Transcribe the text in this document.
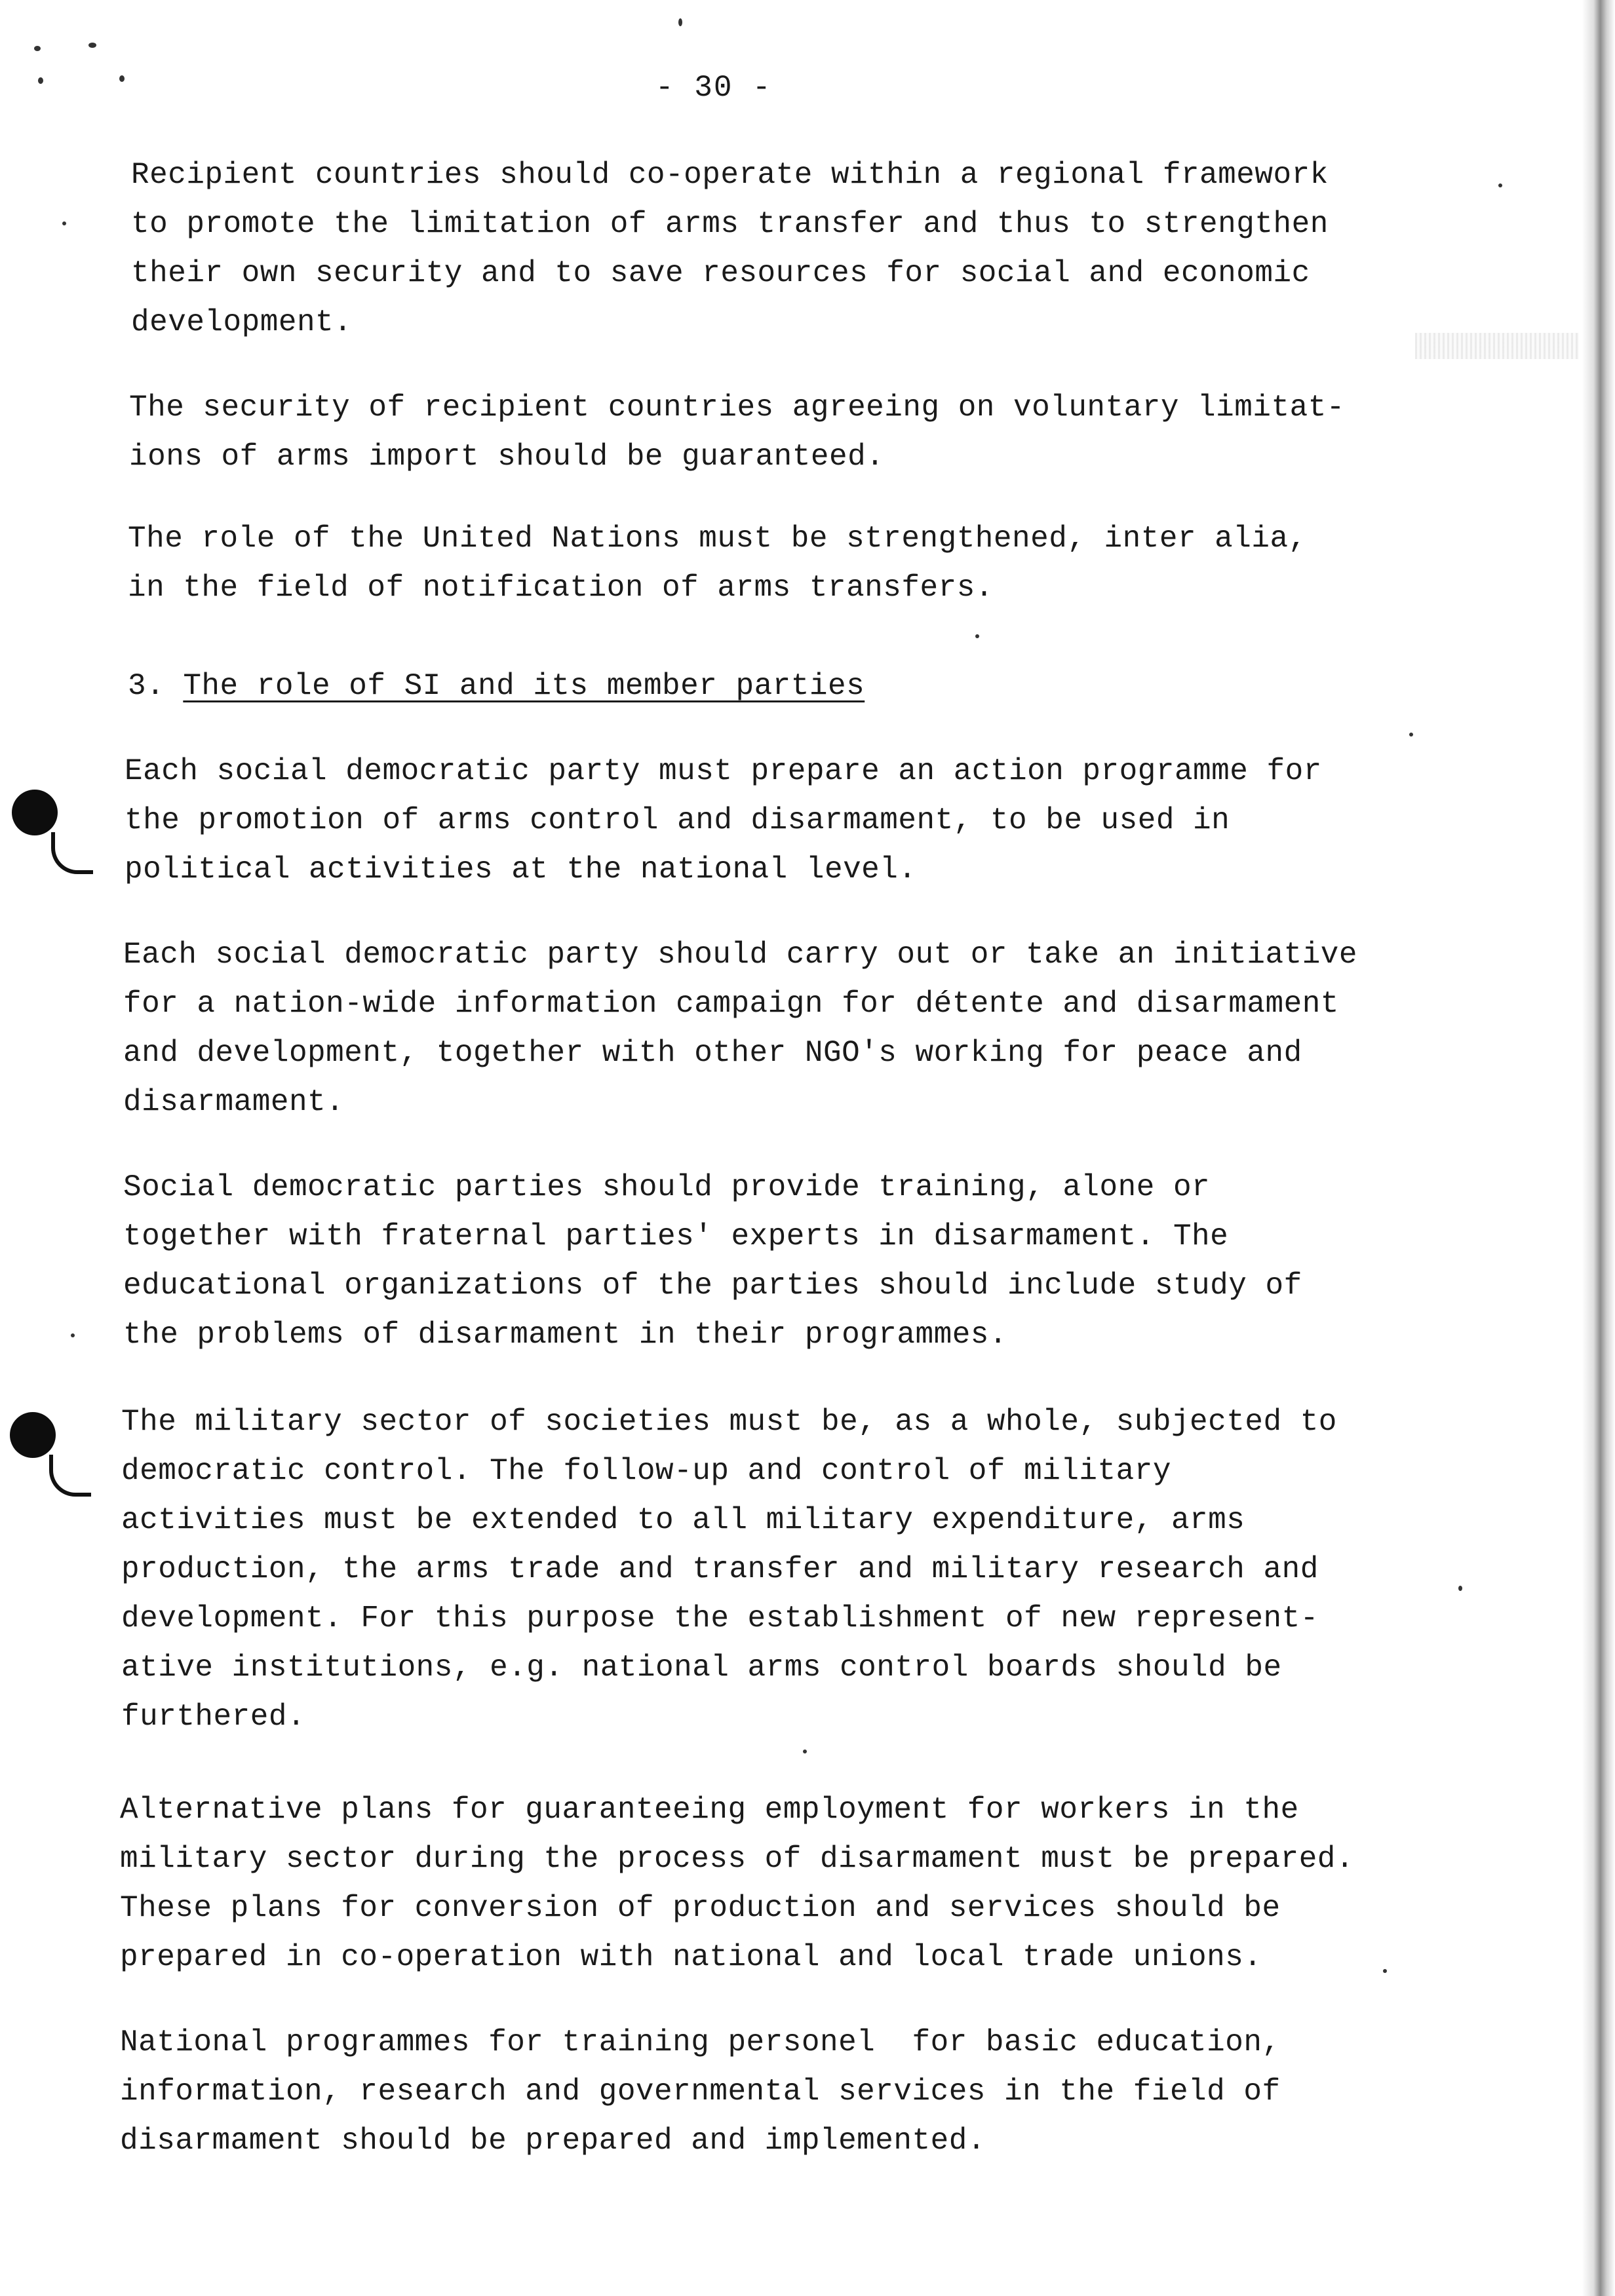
- 30 -

Recipient countries should co-operate within a regional framework
to promote the limitation of arms transfer and thus to strengthen
their own security and to save resources for social and economic
development.

The security of recipient countries agreeing on voluntary limitat-
ions of arms import should be guaranteed.

The role of the United Nations must be strengthened, inter alia,
in the field of notification of arms transfers.

3. The role of SI and its member parties

Each social democratic party must prepare an action programme for
the promotion of arms control and disarmament, to be used in
political activities at the national level.

Each social democratic party should carry out or take an initiative
for a nation-wide information campaign for détente and disarmament
and development, together with other NGO's working for peace and
disarmament.

Social democratic parties should provide training, alone or
together with fraternal parties' experts in disarmament. The
educational organizations of the parties should include study of
the problems of disarmament in their programmes.

The military sector of societies must be, as a whole, subjected to
democratic control. The follow-up and control of military
activities must be extended to all military expenditure, arms
production, the arms trade and transfer and military research and
development. For this purpose the establishment of new represent-
ative institutions, e.g. national arms control boards should be
furthered.

Alternative plans for guaranteeing employment for workers in the
military sector during the process of disarmament must be prepared.
These plans for conversion of production and services should be
prepared in co-operation with national and local trade unions.

National programmes for training personel  for basic education,
information, research and governmental services in the field of
disarmament should be prepared and implemented.
